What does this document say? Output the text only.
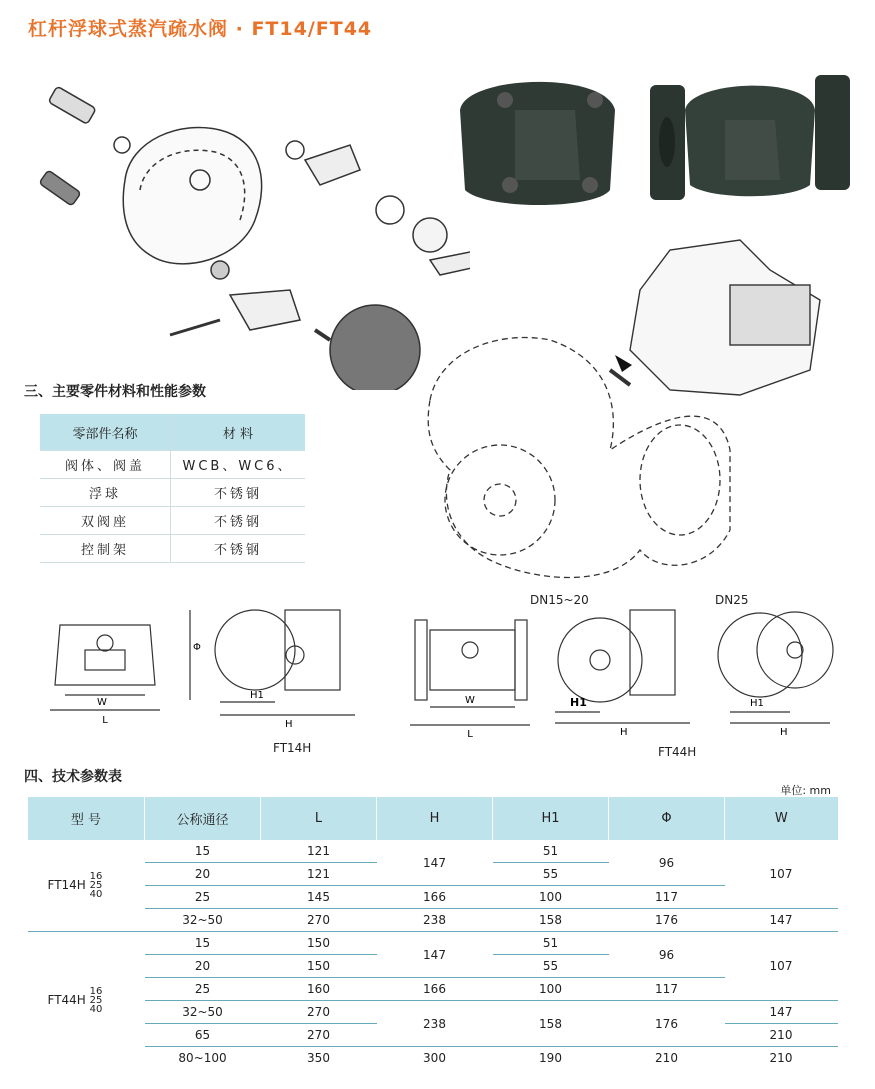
杠杆浮球式蒸汽疏水阀 · FT14/FT44
三、主要零件材料和性能参数
零部件名称	材 料
阀体、阀盖	WCB、WC6、
浮球	不锈钢
双阀座	不锈钢
控制架	不锈钢
W
L
Φ
H1
H
W
L
H1
H
H1
H
DN15~20	DN25
FT14H	FT44H
四、技术参数表
单位: mm
型 号	公称通径	L	H	H1	Φ	W
FT14H 16
25
40	15	121	147	51	96	107
	20	121		55		
	25	145	166	100	117	
	32~50	270	238	158	176	147
FT44H 16
25
40	15	150	147	51	96	107
	20	150		55		
	25	160	166	100	117	
	32~50	270	238	158	176	147
	65	270				210
	80~100	350	300	190	210	210
